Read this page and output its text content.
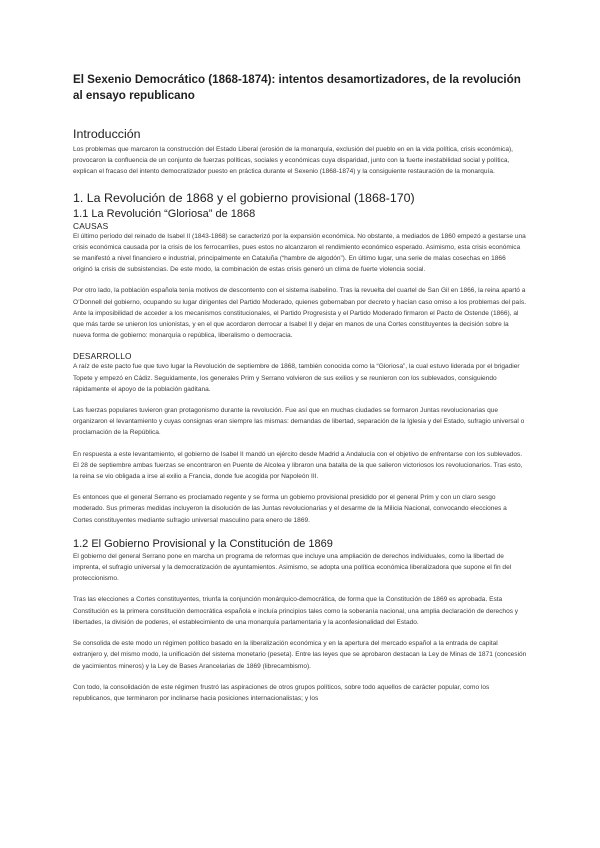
El Sexenio Democrático (1868-1874): intentos desamortizadores, de la revolución al ensayo republicano
Introducción

Los problemas que marcaron la construcción del Estado Liberal (erosión de la monarquía, exclusión del pueblo en en la vida política, crisis económica), provocaron la confluencia de un conjunto de fuerzas políticas, sociales y económicas cuya disparidad, junto con la fuerte inestabilidad social y política, explican el fracaso del intento democratizador puesto en práctica durante el Sexenio (1868-1874) y la consiguiente restauración de la monarquía.

1. La Revolución de 1868 y el gobierno provisional (1868-170)
1.1 La Revolución “Gloriosa” de 1868
CAUSAS

El último período del reinado de Isabel II (1843-1868) se caracterizó por la expansión económica. No obstante, a mediados de 1860 empezó a gestarse una crisis económica causada por la crisis de los ferrocarriles, pues estos no alcanzaron el rendimiento económico esperado. Asimismo, esta crisis económica se manifestó a nivel financiero e industrial, principalmente en Cataluña (“hambre de algodón”). En último lugar, una serie de malas cosechas en 1866 originó la crisis de subsistencias. De este modo, la combinación de estas crisis generó un clima de fuerte violencia social.

Por otro lado, la población española tenía motivos de descontento con el sistema isabelino. Tras la revuelta del cuartel de San Gil en 1866, la reina apartó a O’Donnell del gobierno, ocupando su lugar dirigentes del Partido Moderado, quienes gobernaban por decreto y hacían caso omiso a los problemas del país. Ante la imposibilidad de acceder a los mecanismos constitucionales, el Partido Progresista y el Partido Moderado firmaron el Pacto de Ostende (1866), al que más tarde se unieron los unionistas, y en el que acordaron derrocar a Isabel II y dejar en manos de una Cortes constituyentes la decisión sobre la nueva forma de gobierno: monarquía o república, liberalismo o democracia.

DESARROLLO

A raíz de este pacto fue que tuvo lugar la Revolución de septiembre de 1868, también conocida como la “Gloriosa”, la cual estuvo liderada por el brigadier Topete y empezó en Cádiz. Seguidamente, los generales Prim y Serrano volvieron de sus exilios y se reunieron con los sublevados, consiguiendo rápidamente el apoyo de la población gaditana.

Las fuerzas populares tuvieron gran protagonismo durante la revolución. Fue así que en muchas ciudades se formaron Juntas revolucionarias que organizaron el levantamiento y cuyas consignas eran siempre las mismas: demandas de libertad, separación de la Iglesia y del Estado, sufragio universal o proclamación de la República.

En respuesta a este levantamiento, el gobierno de Isabel II mandó un ejército desde Madrid a Andalucía con el objetivo de enfrentarse con los sublevados. El 28 de septiembre ambas fuerzas se encontraron en Puente de Alcolea y libraron una batalla de la que salieron victoriosos los revolucionarios. Tras esto, la reina se vio obligada a irse al exilio a Francia, donde fue acogida por Napoleón III.

Es entonces que el general Serrano es proclamado regente y se forma un gobierno provisional presidido por el general Prim y con un claro sesgo moderado. Sus primeras medidas incluyeron la disolución de las Juntas revolucionarias y el desarme de la Milicia Nacional, convocando elecciones a Cortes constituyentes mediante sufragio universal masculino para enero de 1869.

1.2 El Gobierno Provisional y la Constitución de 1869

El gobierno del general Serrano pone en marcha un programa de reformas que incluye una ampliación de derechos individuales, como la libertad de imprenta, el sufragio universal y la democratización de ayuntamientos. Asimismo, se adopta una política económica liberalizadora que supone el fin del proteccionismo.

Tras las elecciones a Cortes constituyentes, triunfa la conjunción monárquico-democrática, de forma que la Constitución de 1869 es aprobada. Esta Constitución es la primera constitución democrática española e incluía principios tales como la soberanía nacional, una amplia declaración de derechos y libertades, la división de poderes, el establecimiento de una monarquía parlamentaria y la aconfesionalidad del Estado.

Se consolida de este modo un régimen político basado en la liberalización económica y en la apertura del mercado español a la entrada de capital extranjero y, del mismo modo, la unificación del sistema monetario (peseta). Entre las leyes que se aprobaron destacan la Ley de Minas de 1871 (concesión de yacimientos mineros) y la Ley de Bases Arancelarias de 1869 (librecambismo).

Con todo, la consolidación de este régimen frustró las aspiraciones de otros grupos políticos, sobre todo aquellos de carácter popular, como los republicanos, que terminaron por inclinarse hacia posiciones internacionalistas; y los
